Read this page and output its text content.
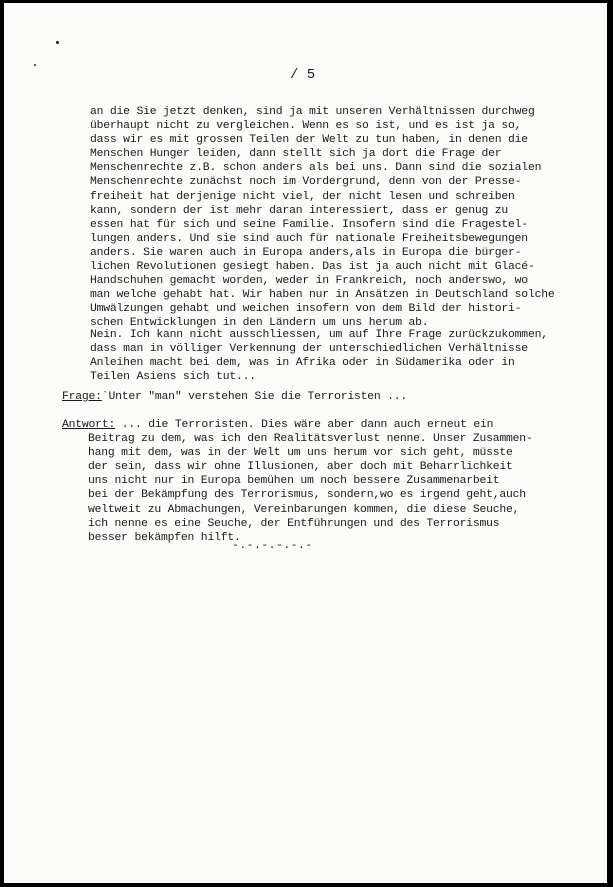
/ 5
an die Sie jetzt denken, sind ja mit unseren Verhältnissen durchweg
überhaupt nicht zu vergleichen. Wenn es so ist, und es ist ja so,
dass wir es mit grossen Teilen der Welt zu tun haben, in denen die
Menschen Hunger leiden, dann stellt sich ja dort die Frage der
Menschenrechte z.B. schon anders als bei uns. Dann sind die sozialen
Menschenrechte zunächst noch im Vordergrund, denn von der Presse-
freiheit hat derjenige nicht viel, der nicht lesen und schreiben
kann, sondern der ist mehr daran interessiert, dass er genug zu
essen hat für sich und seine Familie. Insofern sind die Fragestel-
lungen anders. Und sie sind auch für nationale Freiheitsbewegungen
anders. Sie waren auch in Europa anders,als in Europa die bürger-
lichen Revolutionen gesiegt haben. Das ist ja auch nicht mit Glacé-
Handschuhen gemacht worden, weder in Frankreich, noch anderswo, wo
man welche gehabt hat. Wir haben nur in Ansätzen in Deutschland solche
Umwälzungen gehabt und weichen insofern von dem Bild der histori-
schen Entwicklungen in den Ländern um uns herum ab.
Nein. Ich kann nicht ausschliessen, um auf Ihre Frage zurückzukommen,
dass man in völliger Verkennung der unterschiedlichen Verhältnisse
Anleihen macht bei dem, was in Afrika oder in Südamerika oder in
Teilen Asiens sich tut...
Frage:`Unter "man" verstehen Sie die Terroristen ...
Antwort: ... die Terroristen. Dies wäre aber dann auch erneut ein
Beitrag zu dem, was ich den Realitätsverlust nenne. Unser Zusammen-
hang mit dem, was in der Welt um uns herum vor sich geht, müsste
der sein, dass wir ohne Illusionen, aber doch mit Beharrlichkeit
uns nicht nur in Europa bemühen um noch bessere Zusammenarbeit
bei der Bekämpfung des Terrorismus, sondern,wo es irgend geht,auch
weltweit zu Abmachungen, Vereinbarungen kommen, die diese Seuche,
ich nenne es eine Seuche, der Entführungen und des Terrorismus
besser bekämpfen hilft.
-.-.-.-.-.-
